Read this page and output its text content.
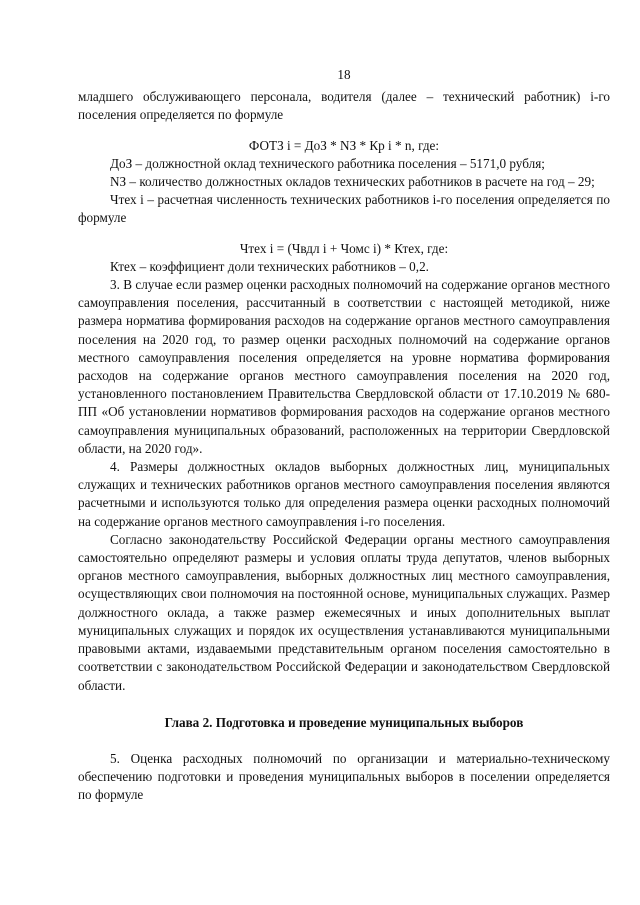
18

младшего обслуживающего персонала, водителя (далее – технический работник) i-го поселения определяется по формуле

ФОТЗ i = ДоЗ * NЗ * Кр i * n, где:

ДоЗ – должностной оклад технического работника поселения – 5171,0 рубля;

NЗ – количество должностных окладов технических работников в расчете на год – 29;

Чтех i – расчетная численность технических работников i-го поселения определяется по формуле

Чтех i = (Чвдл i + Чомс i) * Ктех, где:

Ктех – коэффициент доли технических работников – 0,2.

3. В случае если размер оценки расходных полномочий на содержание органов местного самоуправления поселения, рассчитанный в соответствии с настоящей методикой, ниже размера норматива формирования расходов на содержание органов местного самоуправления поселения на 2020 год, то размер оценки расходных полномочий на содержание органов местного самоуправления поселения определяется на уровне норматива формирования расходов на содержание органов местного самоуправления поселения на 2020 год, установленного постановлением Правительства Свердловской области от 17.10.2019 № 680-ПП «Об установлении нормативов формирования расходов на содержание органов местного самоуправления муниципальных образований, расположенных на территории Свердловской области, на 2020 год».

4. Размеры должностных окладов выборных должностных лиц, муниципальных служащих и технических работников органов местного самоуправления поселения являются расчетными и используются только для определения размера оценки расходных полномочий на содержание органов местного самоуправления i-го поселения.

Согласно законодательству Российской Федерации органы местного самоуправления самостоятельно определяют размеры и условия оплаты труда депутатов, членов выборных органов местного самоуправления, выборных должностных лиц местного самоуправления, осуществляющих свои полномочия на постоянной основе, муниципальных служащих. Размер должностного оклада, а также размер ежемесячных и иных дополнительных выплат муниципальных служащих и порядок их осуществления устанавливаются муниципальными правовыми актами, издаваемыми представительным органом поселения самостоятельно в соответствии с законодательством Российской Федерации и законодательством Свердловской области.

Глава 2. Подготовка и проведение муниципальных выборов

5. Оценка расходных полномочий по организации и материально-техническому обеспечению подготовки и проведения муниципальных выборов в поселении определяется по формуле
